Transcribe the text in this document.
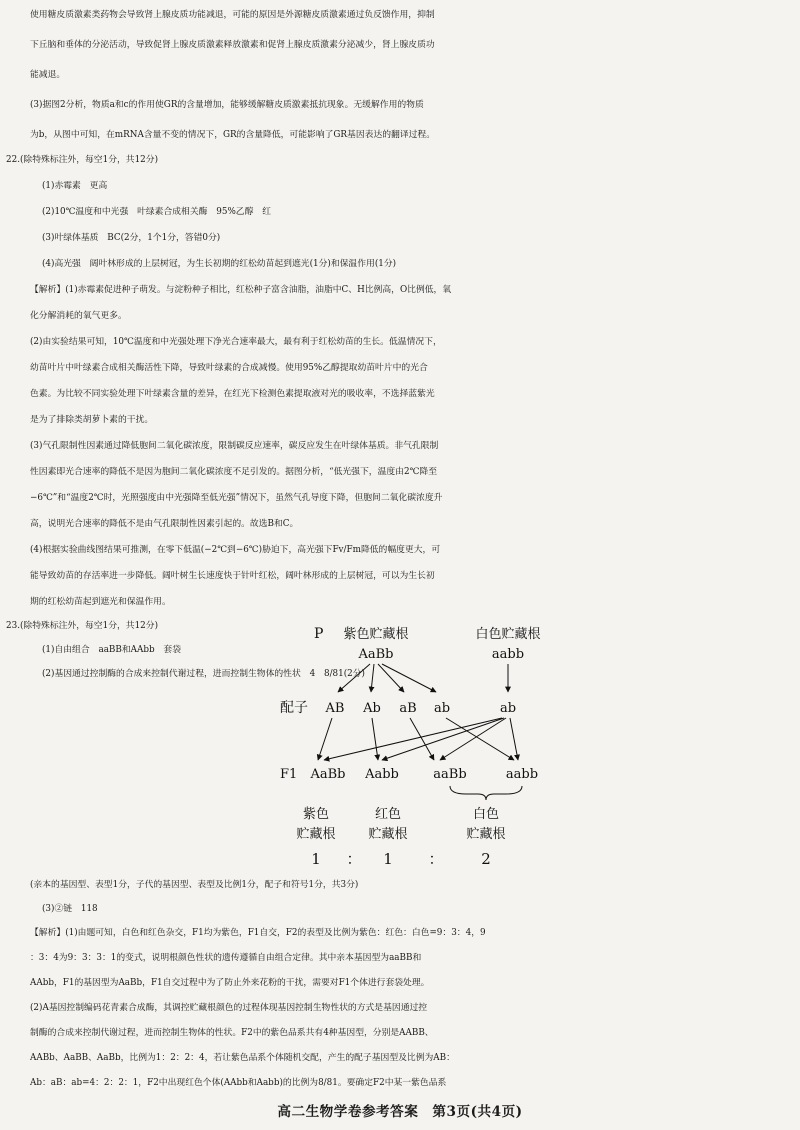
使用糖皮质激素类药物会导致肾上腺皮质功能减退，可能的原因是外源糖皮质激素通过负反馈作用，抑制
下丘脑和垂体的分泌活动，导致促肾上腺皮质激素释放激素和促肾上腺皮质激素分泌减少，肾上腺皮质功
能减退。
(3)据图2分析，物质a和c的作用使GR的含量增加，能够缓解糖皮质激素抵抗现象。无缓解作用的物质
为b，从图中可知，在mRNA含量不变的情况下，GR的含量降低，可能影响了GR基因表达的翻译过程。
22.(除特殊标注外，每空1分，共12分)
(1)赤霉素　更高
(2)10℃温度和中光强　叶绿素合成相关酶　95%乙醇　红
(3)叶绿体基质　BC(2分，1个1分，答错0分)
(4)高光强　阔叶林形成的上层树冠，为生长初期的红松幼苗起到遮光(1分)和保温作用(1分)
【解析】(1)赤霉素促进种子萌发。与淀粉种子相比，红松种子富含油脂，油脂中C、H比例高，O比例低，氧
化分解消耗的氧气更多。
(2)由实验结果可知，10℃温度和中光强处理下净光合速率最大，最有利于红松幼苗的生长。低温情况下，
幼苗叶片中叶绿素合成相关酶活性下降，导致叶绿素的合成减慢。使用95%乙醇提取幼苗叶片中的光合
色素。为比较不同实验处理下叶绿素含量的差异，在红光下检测色素提取液对光的吸收率，不选择蓝紫光
是为了排除类胡萝卜素的干扰。
(3)气孔限制性因素通过降低胞间二氧化碳浓度，限制碳反应速率，碳反应发生在叶绿体基质。非气孔限制
性因素即光合速率的降低不是因为胞间二氧化碳浓度不足引发的。据图分析，“低光强下，温度由2℃降至
−6℃”和“温度2℃时，光照强度由中光强降至低光强”情况下，虽然气孔导度下降，但胞间二氧化碳浓度升
高，说明光合速率的降低不是由气孔限制性因素引起的。故选B和C。
(4)根据实验曲线图结果可推测，在零下低温(−2℃到−6℃)胁迫下，高光强下Fv/Fm降低的幅度更大，可
能导致幼苗的存活率进一步降低。阔叶树生长速度快于针叶红松，阔叶林形成的上层树冠，可以为生长初
期的红松幼苗起到遮光和保温作用。
23.(除特殊标注外，每空1分，共12分)
(1)自由组合　aaBB和AAbb　套袋
(2)基因通过控制酶的合成来控制代谢过程，进而控制生物体的性状　4　8/81(2分)
P 紫色贮藏根
AaBb
白色贮藏根
aabb
配子 AB Ab aB ab	ab
F1 AaBb Aabb	aaBb	aabb
紫色
贮藏根
红色
贮藏根
白色
贮藏根
1 ： 1 ：	2
(亲本的基因型、表型1分，子代的基因型、表型及比例1分，配子和符号1分，共3分)
(3)②链　118
【解析】(1)由题可知，白色和红色杂交，F1均为紫色，F1自交，F2的表型及比例为紫色：红色：白色=9：3：4，9
：3：4为9：3：3：1的变式，说明根颜色性状的遗传遵循自由组合定律。其中亲本基因型为aaBB和
AAbb，F1的基因型为AaBb，F1自交过程中为了防止外来花粉的干扰，需要对F1个体进行套袋处理。
(2)A基因控制编码花青素合成酶，其调控贮藏根颜色的过程体现基因控制生物性状的方式是基因通过控
制酶的合成来控制代谢过程，进而控制生物体的性状。F2中的紫色品系共有4种基因型，分别是AABB、
AABb、AaBB、AaBb，比例为1：2：2：4，若让紫色品系个体随机交配，产生的配子基因型及比例为AB：
Ab：aB：ab=4：2：2：1，F2中出现红色个体(AAbb和Aabb)的比例为8/81。要确定F2中某一紫色品系
高二生物学卷参考答案　第3页(共4页)
